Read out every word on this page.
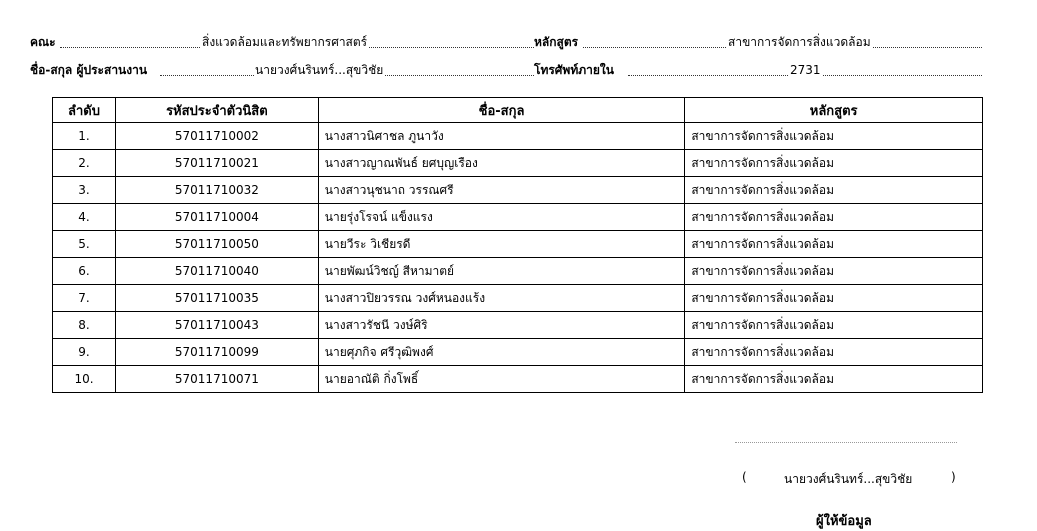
คณะ	สิ่งแวดล้อมและทรัพยากรศาสตร์	หลักสูตร	สาขาการจัดการสิ่งแวดล้อม
ชื่อ-สกุล ผู้ประสานงาน	นายวงศ์นรินทร์...สุขวิชัย	โทรศัพท์ภายใน	2731
ลำดับ	รหัสประจำตัวนิสิต	ชื่อ-สกุล	หลักสูตร
1.	57011710002	นางสาวนิศาชล ภูนาวัง	สาขาการจัดการสิ่งแวดล้อม
2.	57011710021	นางสาวญาณพันธ์ ยศบุญเรือง	สาขาการจัดการสิ่งแวดล้อม
3.	57011710032	นางสาวนุชนาถ วรรณศรี	สาขาการจัดการสิ่งแวดล้อม
4.	57011710004	นายรุ่งโรจน์ แข็งแรง	สาขาการจัดการสิ่งแวดล้อม
5.	57011710050	นายวีระ วิเชียรดี	สาขาการจัดการสิ่งแวดล้อม
6.	57011710040	นายพัฒน์วิชญ์ สีหามาตย์	สาขาการจัดการสิ่งแวดล้อม
7.	57011710035	นางสาวปิยวรรณ วงศ์หนองแร้ง	สาขาการจัดการสิ่งแวดล้อม
8.	57011710043	นางสาวรัชนี วงษ์ศิริ	สาขาการจัดการสิ่งแวดล้อม
9.	57011710099	นายศุภกิจ ศรีวุฒิพงศ์	สาขาการจัดการสิ่งแวดล้อม
10.	57011710071	นายอาณัติ กิ่งโพธิ์	สาขาการจัดการสิ่งแวดล้อม
(	นายวงศ์นรินทร์...สุขวิชัย	)
ผู้ให้ข้อมูล
